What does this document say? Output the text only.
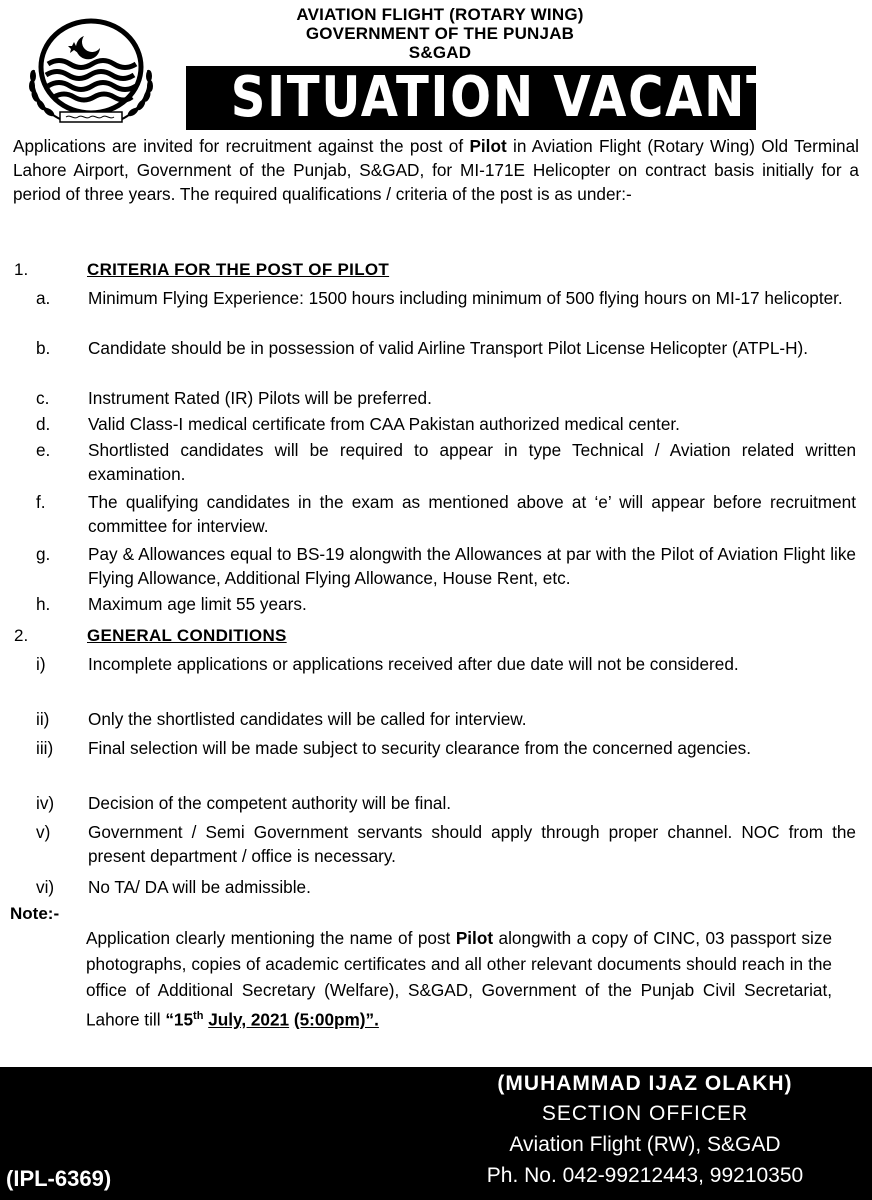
AVIATION FLIGHT (ROTARY WING)
GOVERNMENT OF THE PUNJAB
S&GAD
SITUATION VACANT
Applications are invited for recruitment against the post of Pilot in Aviation Flight (Rotary Wing) Old Terminal Lahore Airport, Government of the Punjab, S&GAD, for MI-171E Helicopter on contract basis initially for a period of three years. The required qualifications / criteria of the post is as under:-
1.	CRITERIA FOR THE POST OF PILOT
a.	Minimum Flying Experience: 1500 hours including minimum of 500 flying hours on MI-17 helicopter.
b.	Candidate should be in possession of valid Airline Transport Pilot License Helicopter (ATPL-H).
c.	Instrument Rated (IR) Pilots will be preferred.
d.	Valid Class-I medical certificate from CAA Pakistan authorized medical center.
e.	Shortlisted candidates will be required to appear in type Technical / Aviation related written examination.
f.	The qualifying candidates in the exam as mentioned above at ‘e’ will appear before recruitment committee for interview.
g.	Pay & Allowances equal to BS-19 alongwith the Allowances at par with the Pilot of Aviation Flight like Flying Allowance, Additional Flying Allowance, House Rent, etc.
h.	Maximum age limit 55 years.
2.	GENERAL CONDITIONS
i)	Incomplete applications or applications received after due date will not be considered.
ii)	Only the shortlisted candidates will be called for interview.
iii)	Final selection will be made subject to security clearance from the concerned agencies.
iv)	Decision of the competent authority will be final.
v)	Government / Semi Government servants should apply through proper channel. NOC from the present department / office is necessary.
vi)	No TA/ DA will be admissible.
Note:-
Application clearly mentioning the name of post Pilot alongwith a copy of CINC, 03 passport size photographs, copies of academic certificates and all other relevant documents should reach in the office of Additional Secretary (Welfare), S&GAD, Government of the Punjab Civil Secretariat, Lahore till “15th July, 2021 (5:00pm)”.
(MUHAMMAD IJAZ OLAKH)
SECTION OFFICER
Aviation Flight (RW), S&GAD
Ph. No. 042-99212443, 99210350
(IPL-6369)
